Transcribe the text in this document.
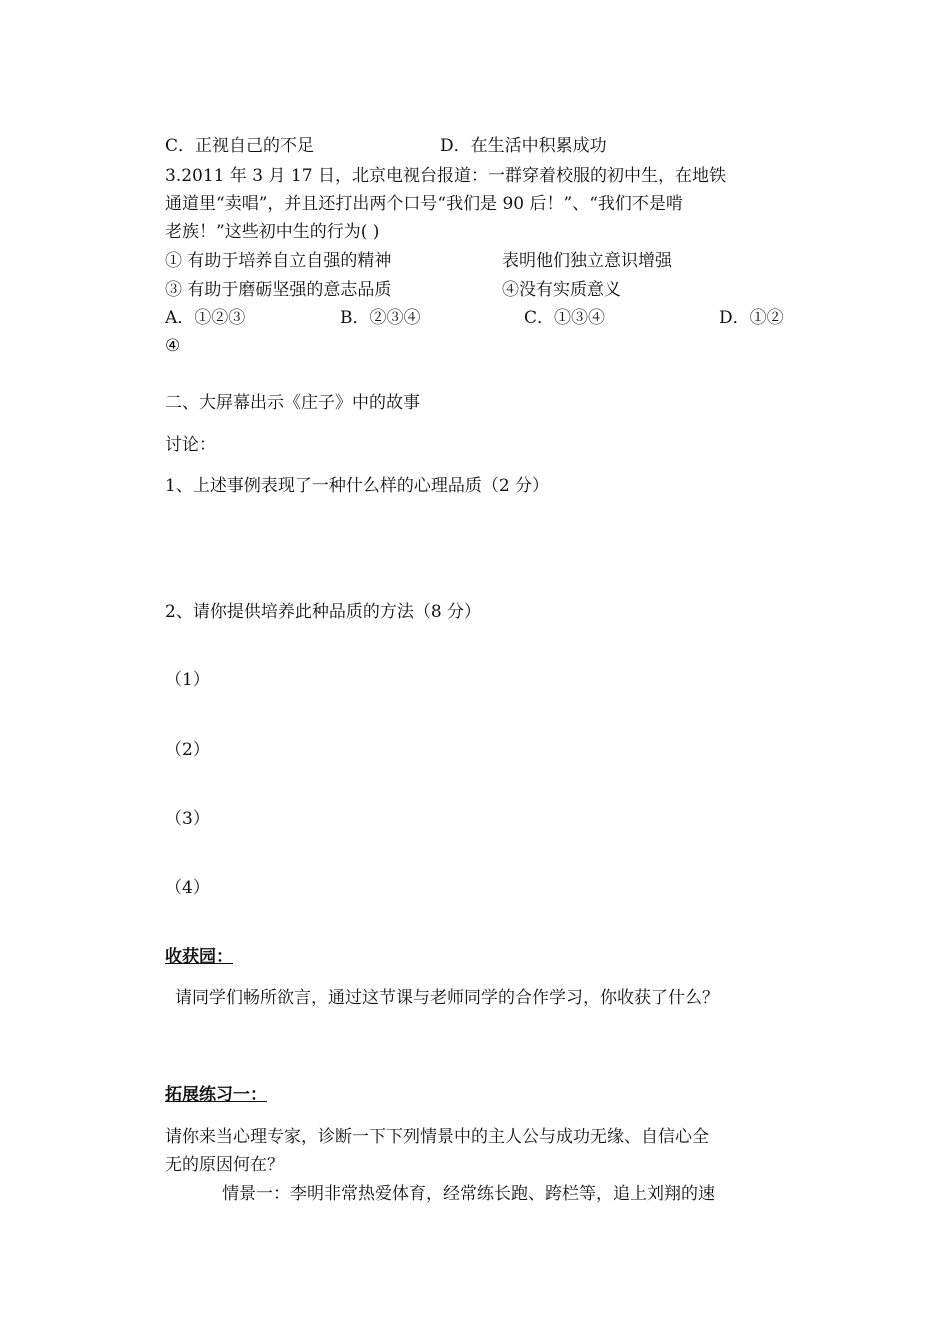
C．正视自己的不足	D．在生活中积累成功
3.2011 年 3 月 17 日，北京电视台报道：一群穿着校服的初中生，在地铁
通道里“卖唱”，并且还打出两个口号“我们是 90 后！”、“我们不是啃
老族！”这些初中生的行为( )
① 有助于培养自立自强的精神	表明他们独立意识增强
③ 有助于磨砺坚强的意志品质	④没有实质意义
A．①②③	B．②③④	C．①③④	D．①②
④
二、大屏幕出示《庄子》中的故事
讨论：
1、上述事例表现了一种什么样的心理品质（2 分）
2、请你提供培养此种品质的方法（8 分）
（1）
（2）
（3）
（4）
收获园：
请同学们畅所欲言，通过这节课与老师同学的合作学习，你收获了什么？
拓展练习一：
请你来当心理专家，诊断一下下列情景中的主人公与成功无缘、自信心全
无的原因何在？
情景一：李明非常热爱体育，经常练长跑、跨栏等，追上刘翔的速
